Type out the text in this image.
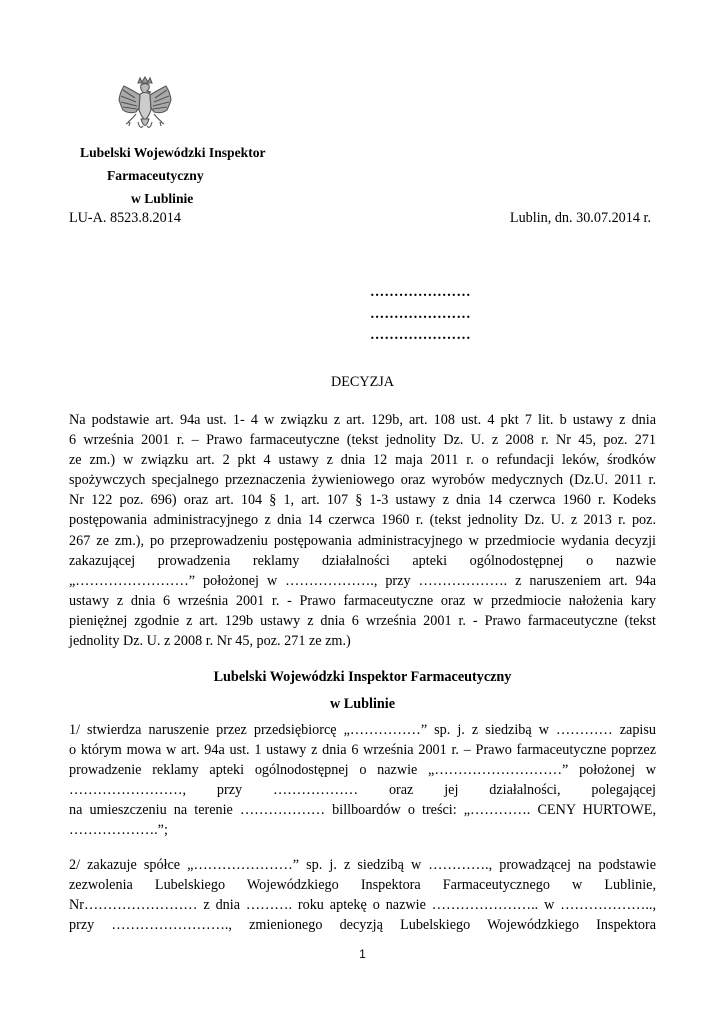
Lubelski Wojewódzki Inspektor
Farmaceutyczny
w Lublinie
LU-A. 8523.8.2014	Lublin, dn. 30.07.2014 r.
…………………
…………………
…………………
DECYZJA
Na podstawie art. 94a ust. 1- 4 w związku z art. 129b, art. 108 ust. 4 pkt 7 lit. b ustawy z dnia
6 września 2001 r. – Prawo farmaceutyczne (tekst jednolity Dz. U. z 2008 r. Nr 45, poz. 271
ze zm.) w związku art. 2 pkt 4 ustawy z dnia 12 maja 2011 r. o refundacji leków, środków
spożywczych specjalnego przeznaczenia żywieniowego oraz wyrobów medycznych (Dz.U. 2011 r.
Nr 122 poz. 696) oraz art. 104 § 1, art. 107 § 1-3 ustawy z dnia 14 czerwca 1960 r. Kodeks
postępowania administracyjnego z dnia 14 czerwca 1960 r. (tekst jednolity Dz. U. z 2013 r. poz.
267 ze zm.), po przeprowadzeniu postępowania administracyjnego w przedmiocie wydania decyzji
zakazującej prowadzenia reklamy działalności apteki ogólnodostępnej o nazwie
„……………………” położonej w ………………., przy ………………. z naruszeniem art. 94a
ustawy z dnia 6 września 2001 r. - Prawo farmaceutyczne oraz w przedmiocie nałożenia kary
pieniężnej zgodnie z art. 129b ustawy z dnia 6 września 2001 r. - Prawo farmaceutyczne (tekst
jednolity Dz. U. z 2008 r. Nr 45, poz. 271 ze zm.)
Lubelski Wojewódzki Inspektor Farmaceutyczny
w Lublinie
1/ stwierdza naruszenie przez przedsiębiorcę „……………” sp. j. z siedzibą w ………… zapisu
o którym mowa w art. 94a ust. 1 ustawy z dnia 6 września 2001 r. – Prawo farmaceutyczne poprzez
prowadzenie reklamy apteki ogólnodostępnej o nazwie „………………………” położonej w
……………………, przy ……………… oraz jej działalności, polegającej
na umieszczeniu na terenie ……………… billboardów o treści: „…………. CENY HURTOWE,
……………….”;
2/ zakazuje spółce „…………………” sp. j. z siedzibą w …………., prowadzącej na podstawie
zezwolenia Lubelskiego Wojewódzkiego Inspektora Farmaceutycznego w Lublinie,
Nr…………………… z dnia ………. roku aptekę o nazwie ………………….. w ………………..,
przy ……………………., zmienionego decyzją Lubelskiego Wojewódzkiego Inspektora
1
